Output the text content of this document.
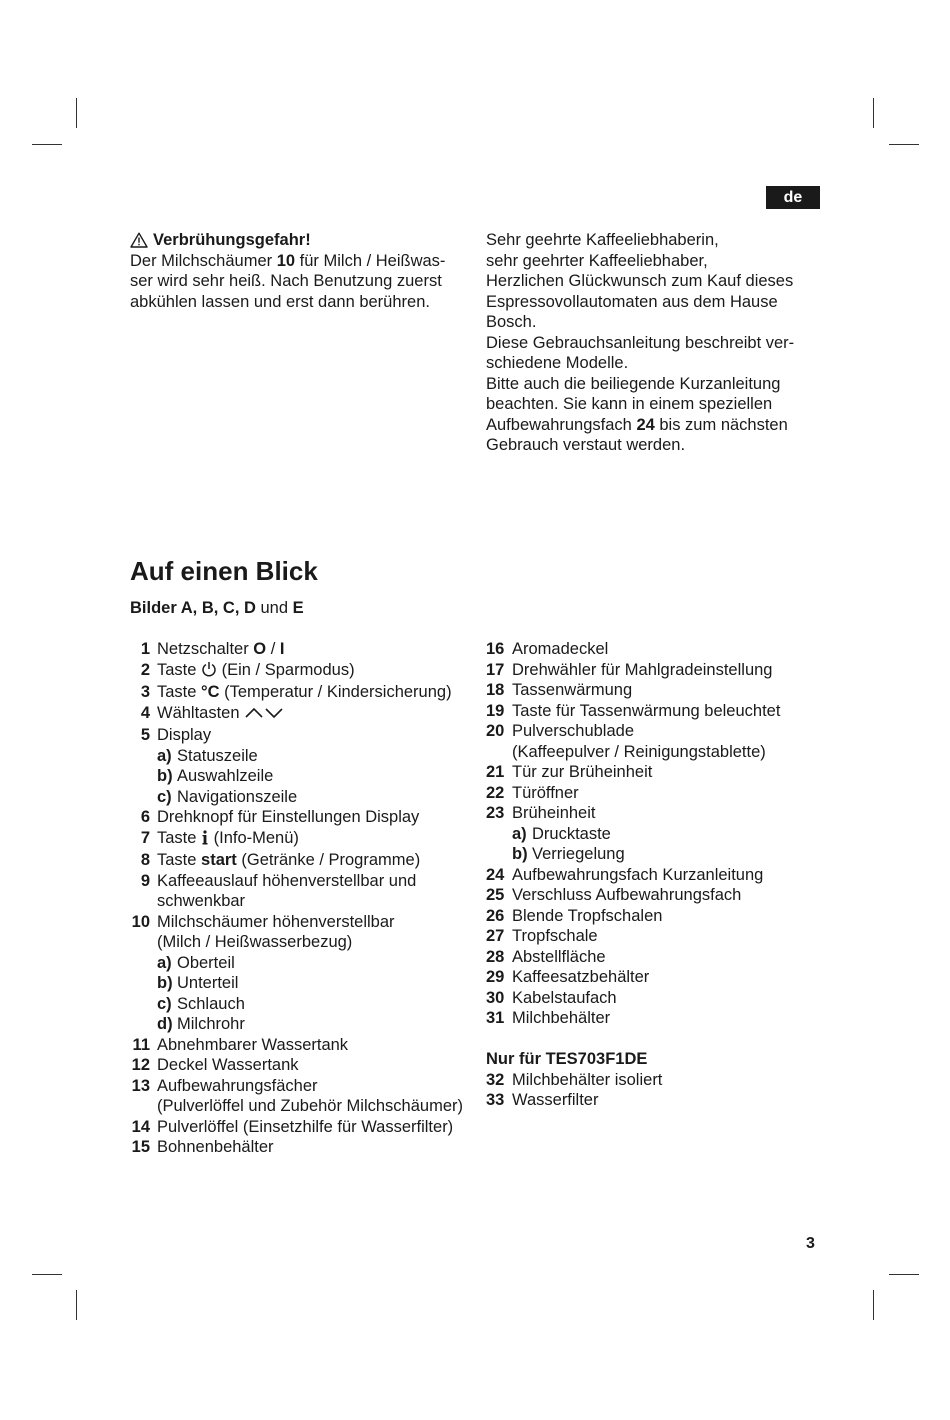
de
Verbrühungsgefahr!
Der Milchschäumer 10 für Milch / Heißwas-
ser wird sehr heiß. Nach Benutzung zuerst
abkühlen lassen und erst dann berühren.
Sehr geehrte Kaffeeliebhaberin,
sehr geehrter Kaffeeliebhaber,
Herzlichen Glückwunsch zum Kauf dieses
Espressovollautomaten aus dem Hause
Bosch.
Diese Gebrauchsanleitung beschreibt ver-
schiedene Modelle.
Bitte auch die beiliegende Kurzanleitung
beachten. Sie kann in einem speziellen
Aufbewahrungsfach 24 bis zum nächsten
Gebrauch verstaut werden.
Auf einen Blick
Bilder A, B, C, D und E
1 Netzschalter O / I
2 Taste  (Ein / Sparmodus)
3 Taste °C (Temperatur / Kindersicherung)
4 Wähltasten
5 Display
a) Statuszeile
b) Auswahlzeile
c) Navigationszeile
6 Drehknopf für Einstellungen Display
7 Taste  (Info-Menü)
8 Taste start (Getränke / Programme)
9 Kaffeeauslauf höhenverstellbar und
schwenkbar
10 Milchschäumer höhenverstellbar
(Milch / Heißwasserbezug)
a) Oberteil
b) Unterteil
c) Schlauch
d) Milchrohr
11 Abnehmbarer Wassertank
12 Deckel Wassertank
13 Aufbewahrungsfächer
(Pulverlöffel und Zubehör Milchschäumer)
14 Pulverlöffel (Einsetzhilfe für Wasserfilter)
15 Bohnenbehälter
16 Aromadeckel
17 Drehwähler für Mahlgradeinstellung
18 Tassenwärmung
19 Taste für Tassenwärmung beleuchtet
20 Pulverschublade
(Kaffeepulver / Reinigungstablette)
21 Tür zur Brüheinheit
22 Türöffner
23 Brüheinheit
a) Drucktaste
b) Verriegelung
24 Aufbewahrungsfach Kurzanleitung
25 Verschluss Aufbewahrungsfach
26 Blende Tropfschalen
27 Tropfschale
28 Abstellfläche
29 Kaffeesatzbehälter
30 Kabelstaufach
31 Milchbehälter
Nur für TES703F1DE
32 Milchbehälter isoliert
33 Wasserfilter
3
